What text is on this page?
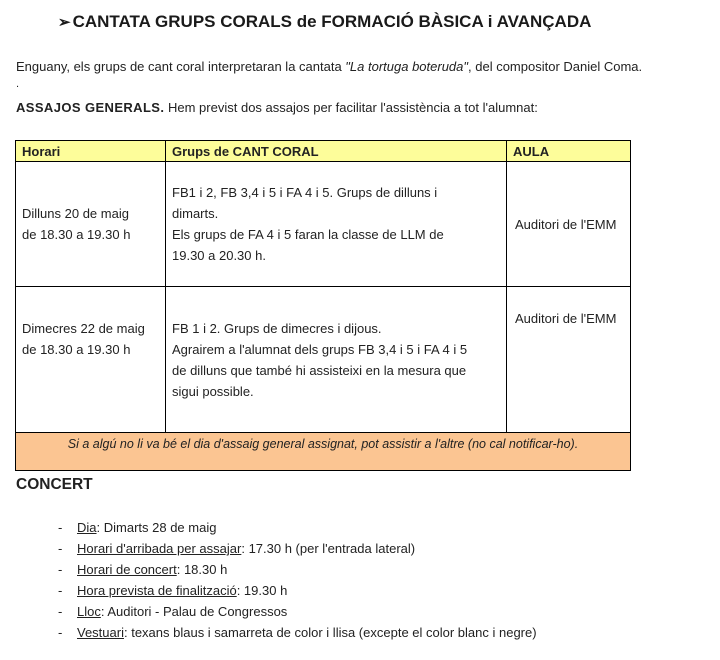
➢ CANTATA GRUPS CORALS de FORMACIÓ BÀSICA i AVANÇADA
Enguany, els grups de cant coral interpretaran la cantata "La tortuga boteruda", del compositor Daniel Coma.
.
ASSAJOS GENERALS. Hem previst dos assajos per facilitar l'assistència a tot l'alumnat:
Horari	Grups de CANT CORAL	AULA

Dilluns 20 de maig
de 18.30 a 19.30 h	FB1 i 2, FB 3,4 i 5 i FA 4 i 5. Grups de dilluns i
dimarts.
Els grups de FA 4 i 5 faran la classe de LLM de
19.30 a 20.30 h.	Auditori de l'EMM

Dimecres 22 de maig
de 18.30 a 19.30 h	FB 1 i 2. Grups de dimecres i dijous.
Agrairem a l'alumnat dels grups FB 3,4 i 5 i FA 4 i 5
de dilluns que també hi assisteixi en la mesura que
sigui possible.	Auditori de l'EMM
Si a algú no li va bé el dia d'assaig general assignat, pot assistir a l'altre (no cal notificar-ho).		
CONCERT
- Dia: Dimarts 28 de maig
- Horari d'arribada per assajar: 17.30 h (per l'entrada lateral)
- Horari de concert: 18.30 h
- Hora prevista de finalització: 19.30 h
- Lloc: Auditori - Palau de Congressos
- Vestuari: texans blaus i samarreta de color i llisa (excepte el color blanc i negre)
